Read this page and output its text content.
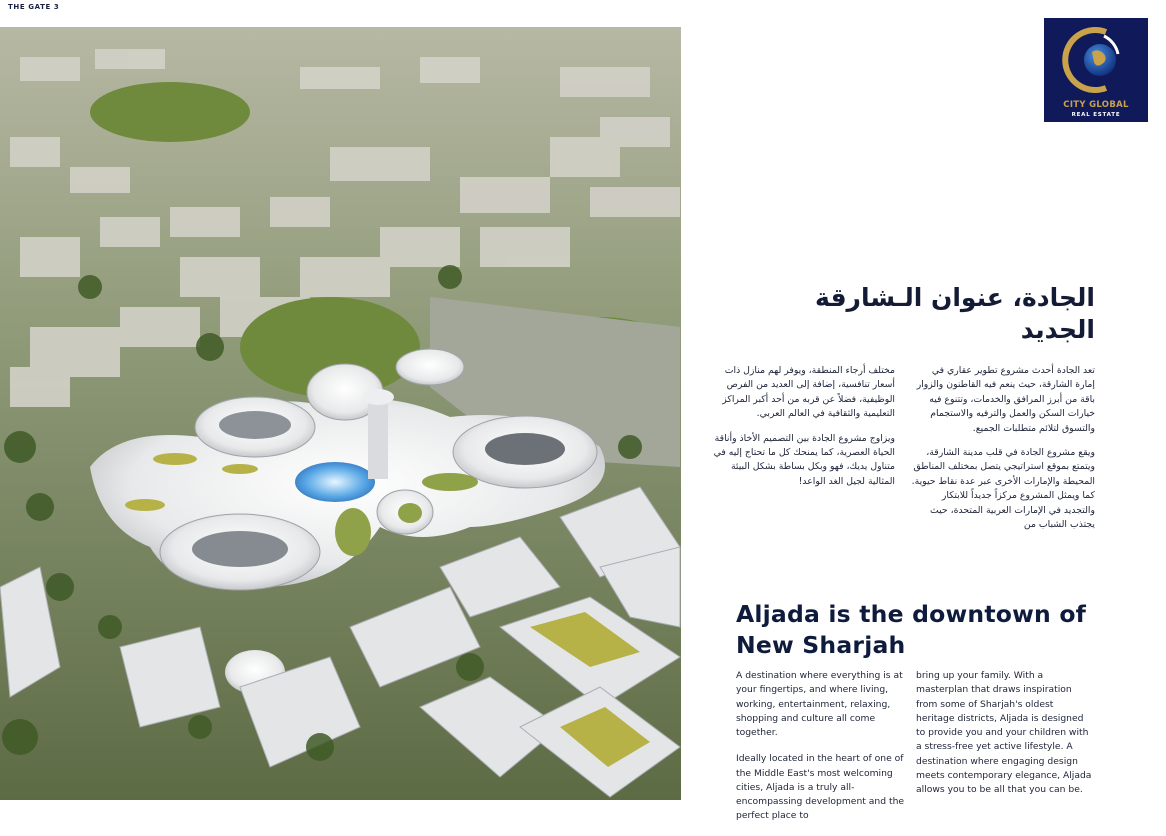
THE GATE 3
CITY GLOBAL
REAL ESTATE
الجادة، عنوان الـشارقة الجديد

تعد الجادة أحدث مشروع تطوير عقاري في إمارة الشارقة، حيث ينعم فيه القاطنون والزوار باقة من أبرز المرافق والخدمات، وتتنوع فيه خيارات السكن والعمل والترفيه والاستجمام والتسوق لتلائم متطلبات الجميع.

ويقع مشروع الجادة في قلب مدينة الشارقة، ويتمتع بموقع استراتيجي يتصل بمختلف المناطق المحيطة والإمارات الأخرى عبر عدة نقاط حيوية. كما ويمثل المشروع مركزاً جديداً للابتكار والتجديد في الإمارات العربية المتحدة، حيث يجتذب الشباب من

مختلف أرجاء المنطقة، ويوفر لهم منازل ذات أسعار تنافسية، إضافة إلى العديد من الفرص الوظيفية، فضلاً عن قربه من أحد أكبر المراكز التعليمية والثقافية في العالم العربي.

ويزاوج مشروع الجادة بين التصميم الأخاذ وأناقة الحياة العصرية، كما يمنحك كل ما تحتاج إليه في متناول يديك، فهو وبكل بساطة بشكل البيئة المثالية لجيل الغد الواعد!

Aljada is the downtown of New Sharjah

A destination where everything is at your fingertips, and where living, working, entertainment, relaxing, shopping and culture all come together.

Ideally located in the heart of one of the Middle East's most welcoming cities, Aljada is a truly all-encompassing development and the perfect place to

bring up your family. With a masterplan that draws inspiration from some of Sharjah's oldest heritage districts, Aljada is designed to provide you and your children with a stress-free yet active lifestyle. A destination where engaging design meets contemporary elegance, Aljada allows you to be all that you can be.
